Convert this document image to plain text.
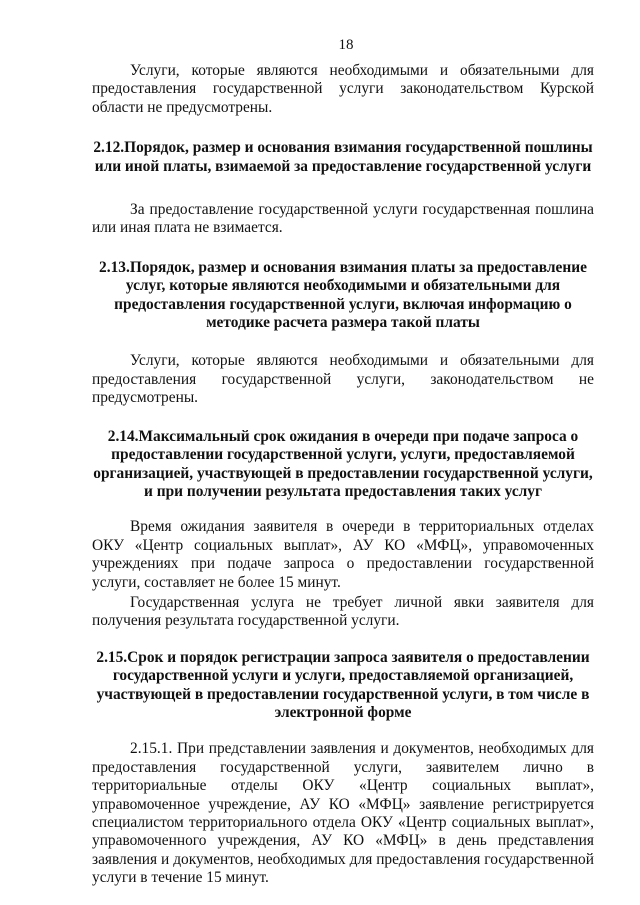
18

Услуги, которые являются необходимыми и обязательными для предоставления государственной услуги законодательством Курской области не предусмотрены.

2.12.Порядок, размер и основания взимания государственной пошлины или иной платы, взимаемой за предоставление государственной услуги

За предоставление государственной услуги государственная пошлина или иная плата не взимается.

2.13.Порядок, размер и основания взимания платы за предоставление услуг, которые являются необходимыми и обязательными для предоставления государственной услуги, включая информацию о методике расчета размера такой платы

Услуги, которые являются необходимыми и обязательными для предоставления государственной услуги, законодательством не предусмотрены.

2.14.Максимальный срок ожидания в очереди при подаче запроса о предоставлении государственной услуги, услуги, предоставляемой организацией, участвующей в предоставлении государственной услуги, и при получении результата предоставления таких услуг

Время ожидания заявителя в очереди в территориальных отделах ОКУ «Центр социальных выплат», АУ КО «МФЦ», управомоченных учреждениях при подаче запроса о предоставлении государственной услуги, составляет не более 15 минут.

Государственная услуга не требует личной явки заявителя для получения результата государственной услуги.

2.15.Срок и порядок регистрации запроса заявителя о предоставлении государственной услуги и услуги, предоставляемой организацией, участвующей в предоставлении государственной услуги, в том числе в электронной форме

2.15.1. При представлении заявления и документов, необходимых для предоставления государственной услуги, заявителем лично в территориальные отделы ОКУ «Центр социальных выплат», управомоченное учреждение, АУ КО «МФЦ» заявление регистрируется специалистом территориального отдела ОКУ «Центр социальных выплат», управомоченного учреждения, АУ КО «МФЦ» в день представления заявления и документов, необходимых для предоставления государственной услуги в течение 15 минут.
